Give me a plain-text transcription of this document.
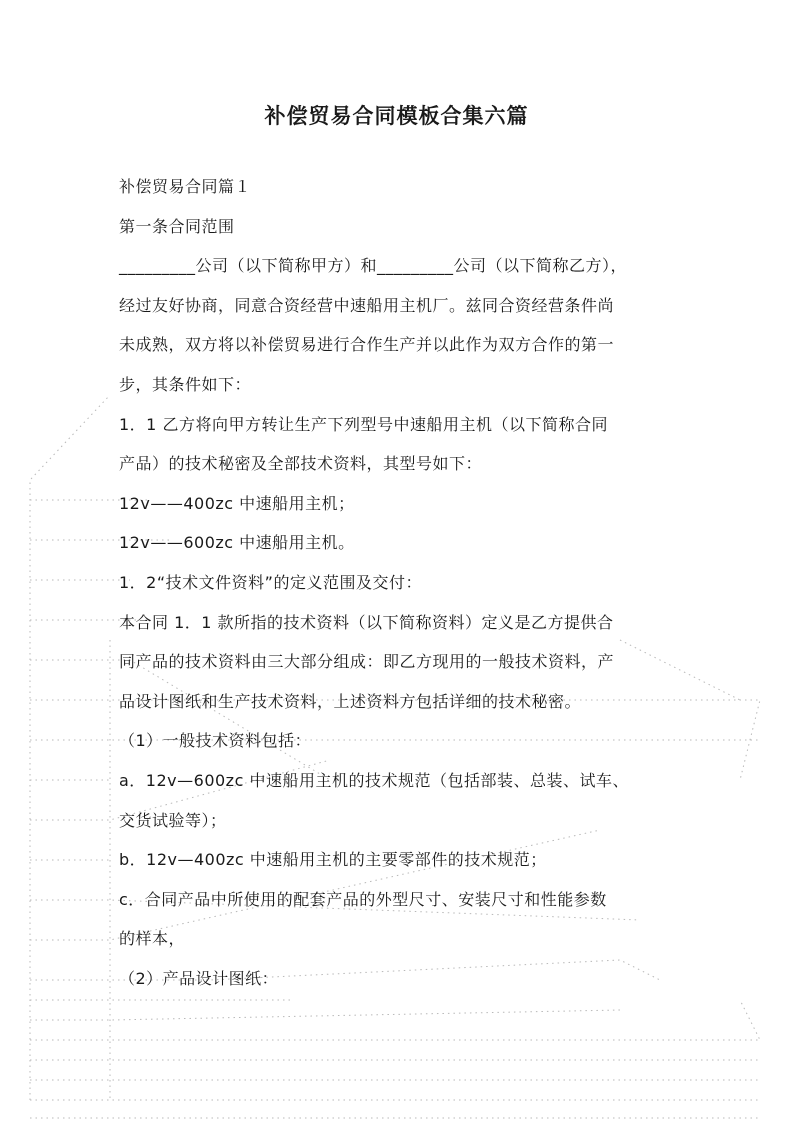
补偿贸易合同模板合集六篇

补偿贸易合同篇１

第一条合同范围

_________公司（以下简称甲方）和_________公司（以下简称乙方），

经过友好协商，同意合资经营中速船用主机厂。兹同合资经营条件尚

未成熟，双方将以补偿贸易进行合作生产并以此作为双方合作的第一

步，其条件如下：

1．1 乙方将向甲方转让生产下列型号中速船用主机（以下简称合同

产品）的技术秘密及全部技术资料，其型号如下：

12v——400zc 中速船用主机；

12v——600zc 中速船用主机。

1．2“技术文件资料”的定义范围及交付：

本合同 1．1 款所指的技术资料（以下简称资料）定义是乙方提供合

同产品的技术资料由三大部分组成：即乙方现用的一般技术资料，产

品设计图纸和生产技术资料，上述资料方包括详细的技术秘密。

（1）一般技术资料包括：

a．12v—600zc 中速船用主机的技术规范（包括部装、总装、试车、

交货试验等）；

b．12v—400zc 中速船用主机的主要零部件的技术规范；

c．合同产品中所使用的配套产品的外型尺寸、安装尺寸和性能参数

的样本，

（2）产品设计图纸：
